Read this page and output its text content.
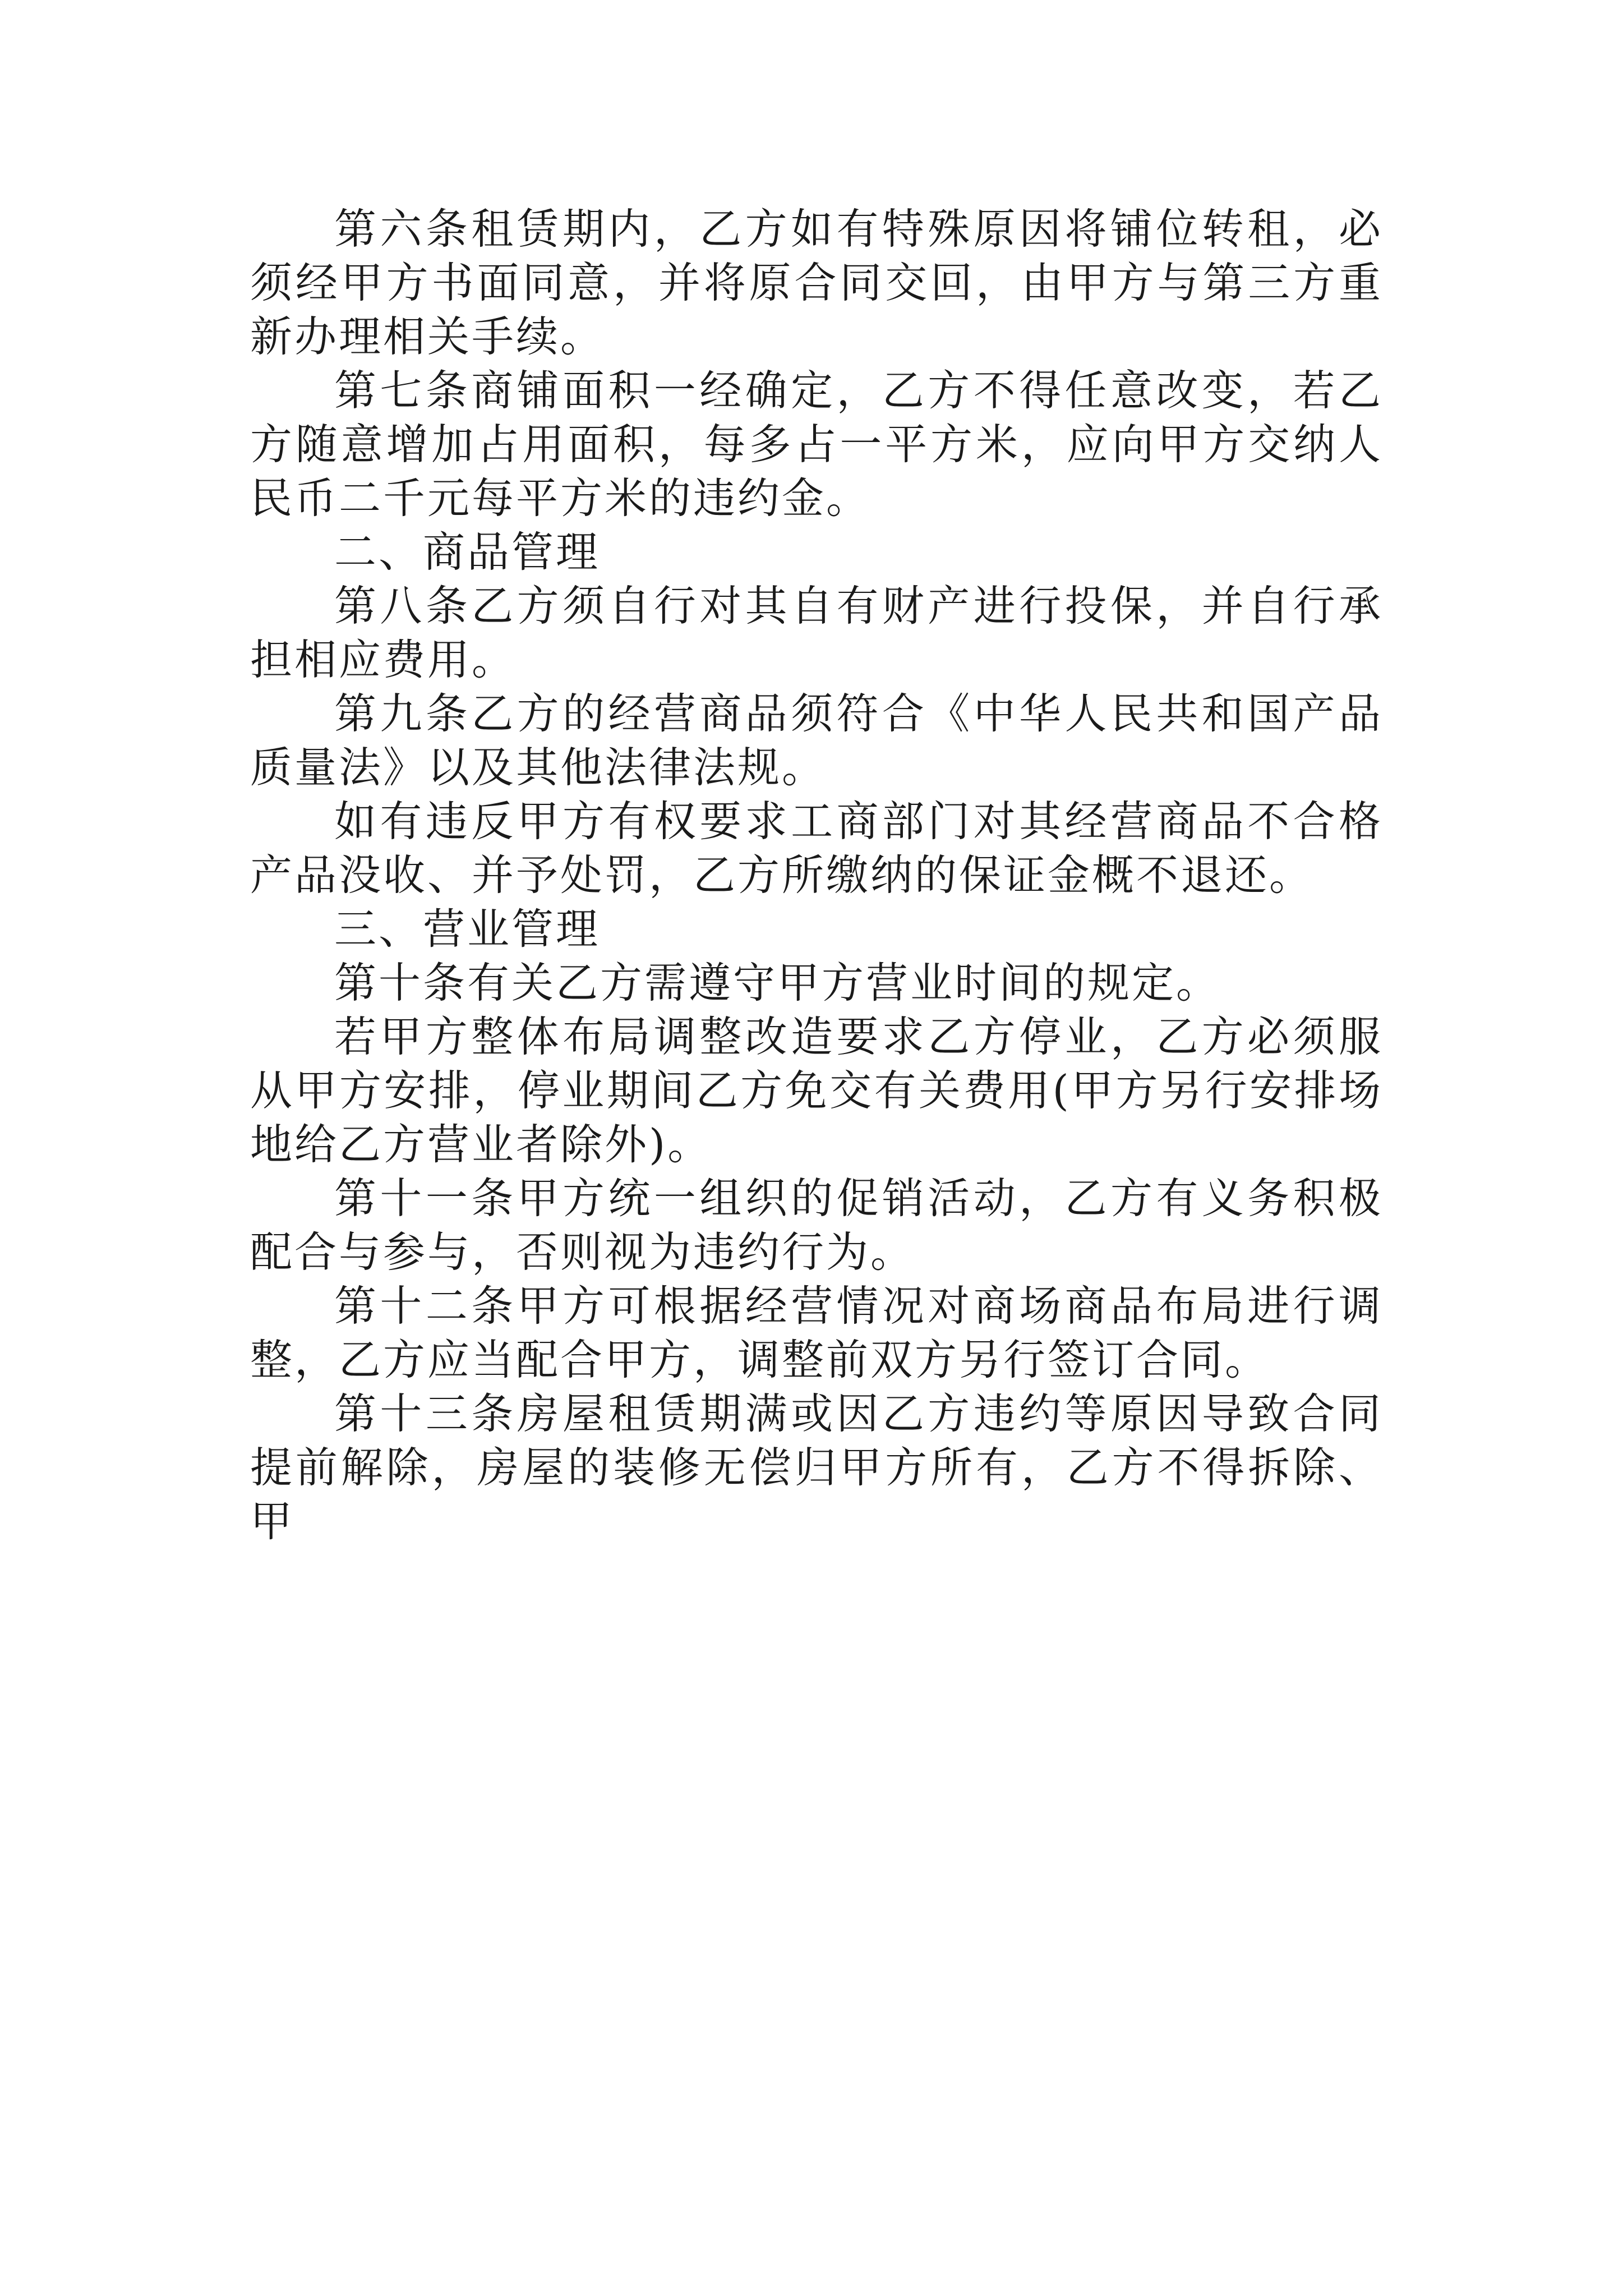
第六条租赁期内，乙方如有特殊原因将铺位转租，必须经甲方书面同意，并将原合同交回，由甲方与第三方重新办理相关手续。

第七条商铺面积一经确定，乙方不得任意改变，若乙方随意增加占用面积，每多占一平方米，应向甲方交纳人民币二千元每平方米的违约金。

二、商品管理

第八条乙方须自行对其自有财产进行投保，并自行承担相应费用。

第九条乙方的经营商品须符合《中华人民共和国产品质量法》以及其他法律法规。

如有违反甲方有权要求工商部门对其经营商品不合格产品没收、并予处罚，乙方所缴纳的保证金概不退还。

三、营业管理

第十条有关乙方需遵守甲方营业时间的规定。

若甲方整体布局调整改造要求乙方停业，乙方必须服从甲方安排，停业期间乙方免交有关费用(甲方另行安排场地给乙方营业者除外)。

第十一条甲方统一组织的促销活动，乙方有义务积极配合与参与，否则视为违约行为。

第十二条甲方可根据经营情况对商场商品布局进行调整，乙方应当配合甲方，调整前双方另行签订合同。

第十三条房屋租赁期满或因乙方违约等原因导致合同提前解除，房屋的装修无偿归甲方所有，乙方不得拆除、甲
